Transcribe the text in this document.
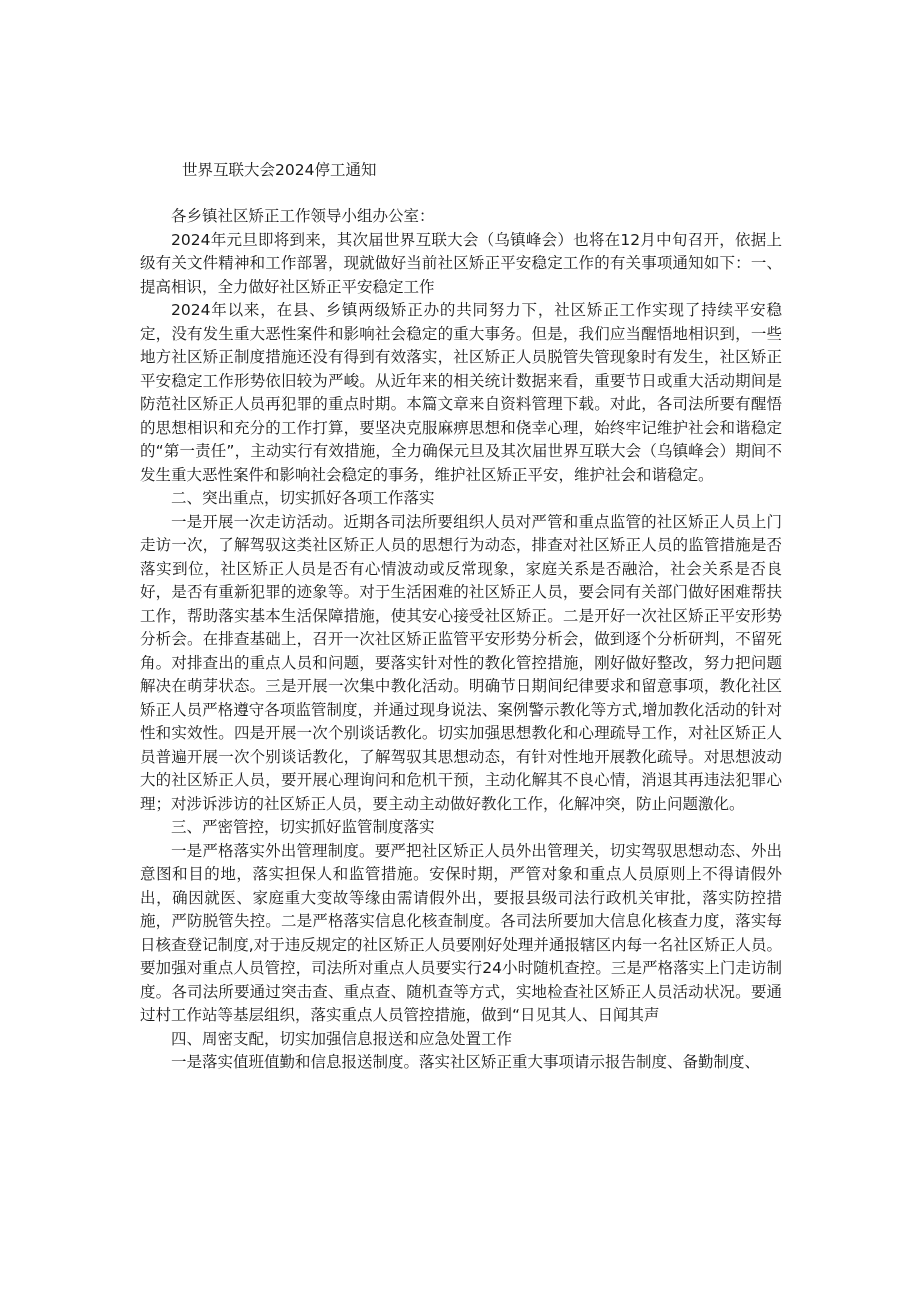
世界互联大会2024停工通知

各乡镇社区矫正工作领导小组办公室：

2024年元旦即将到来，其次届世界互联大会（乌镇峰会）也将在12月中旬召开，依据上级有关文件精神和工作部署，现就做好当前社区矫正平安稳定工作的有关事项通知如下：一、提高相识，全力做好社区矫正平安稳定工作

2024年以来，在县、乡镇两级矫正办的共同努力下，社区矫正工作实现了持续平安稳定，没有发生重大恶性案件和影响社会稳定的重大事务。但是，我们应当醒悟地相识到，一些地方社区矫正制度措施还没有得到有效落实，社区矫正人员脱管失管现象时有发生，社区矫正平安稳定工作形势依旧较为严峻。从近年来的相关统计数据来看，重要节日或重大活动期间是防范社区矫正人员再犯罪的重点时期。本篇文章来自资料管理下载。对此，各司法所要有醒悟的思想相识和充分的工作打算，要坚决克服麻痹思想和侥幸心理，始终牢记维护社会和谐稳定的“第一责任”，主动实行有效措施，全力确保元旦及其次届世界互联大会（乌镇峰会）期间不发生重大恶性案件和影响社会稳定的事务，维护社区矫正平安，维护社会和谐稳定。

二、突出重点，切实抓好各项工作落实

一是开展一次走访活动。近期各司法所要组织人员对严管和重点监管的社区矫正人员上门走访一次，了解驾驭这类社区矫正人员的思想行为动态，排查对社区矫正人员的监管措施是否落实到位，社区矫正人员是否有心情波动或反常现象，家庭关系是否融洽，社会关系是否良好，是否有重新犯罪的迹象等。对于生活困难的社区矫正人员，要会同有关部门做好困难帮扶工作，帮助落实基本生活保障措施，使其安心接受社区矫正。二是开好一次社区矫正平安形势分析会。在排查基础上，召开一次社区矫正监管平安形势分析会，做到逐个分析研判，不留死角。对排查出的重点人员和问题，要落实针对性的教化管控措施，刚好做好整改，努力把问题解决在萌芽状态。三是开展一次集中教化活动。明确节日期间纪律要求和留意事项，教化社区矫正人员严格遵守各项监管制度，并通过现身说法、案例警示教化等方式,增加教化活动的针对性和实效性。四是开展一次个别谈话教化。切实加强思想教化和心理疏导工作，对社区矫正人员普遍开展一次个别谈话教化，了解驾驭其思想动态，有针对性地开展教化疏导。对思想波动大的社区矫正人员，要开展心理询问和危机干预，主动化解其不良心情，消退其再违法犯罪心理；对涉诉涉访的社区矫正人员，要主动主动做好教化工作，化解冲突，防止问题激化。

三、严密管控，切实抓好监管制度落实

一是严格落实外出管理制度。要严把社区矫正人员外出管理关，切实驾驭思想动态、外出意图和目的地，落实担保人和监管措施。安保时期，严管对象和重点人员原则上不得请假外出，确因就医、家庭重大变故等缘由需请假外出，要报县级司法行政机关审批，落实防控措施，严防脱管失控。二是严格落实信息化核查制度。各司法所要加大信息化核查力度，落实每日核查登记制度,对于违反规定的社区矫正人员要刚好处理并通报辖区内每一名社区矫正人员。要加强对重点人员管控，司法所对重点人员要实行24小时随机查控。三是严格落实上门走访制度。各司法所要通过突击查、重点查、随机查等方式，实地检查社区矫正人员活动状况。要通过村工作站等基层组织，落实重点人员管控措施，做到“日见其人、日闻其声

四、周密支配，切实加强信息报送和应急处置工作

一是落实值班值勤和信息报送制度。落实社区矫正重大事项请示报告制度、备勤制度、
